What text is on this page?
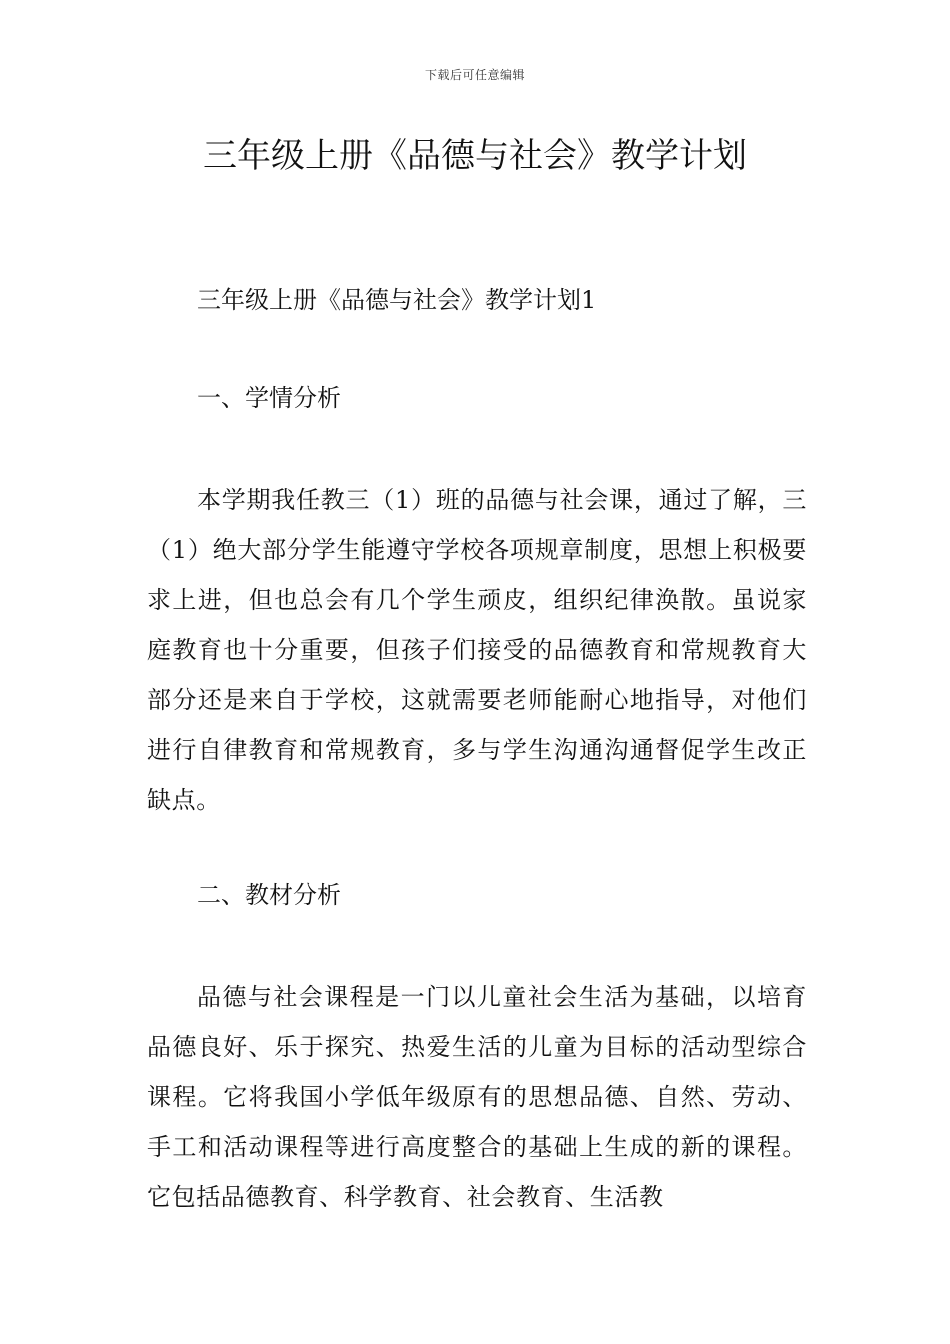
下载后可任意编辑
三年级上册《品德与社会》教学计划
三年级上册《品德与社会》教学计划1
一、学情分析
本学期我任教三（1）班的品德与社会课，通过了解，三（1）绝大部分学生能遵守学校各项规章制度，思想上积极要求上进，但也总会有几个学生顽皮，组织纪律涣散。虽说家庭教育也十分重要，但孩子们接受的品德教育和常规教育大部分还是来自于学校，这就需要老师能耐心地指导，对他们进行自律教育和常规教育，多与学生沟通沟通督促学生改正缺点。
二、教材分析
品德与社会课程是一门以儿童社会生活为基础，以培育品德良好、乐于探究、热爱生活的儿童为目标的活动型综合课程。它将我国小学低年级原有的思想品德、自然、劳动、手工和活动课程等进行高度整合的基础上生成的新的课程。它包括品德教育、科学教育、社会教育、生活教
